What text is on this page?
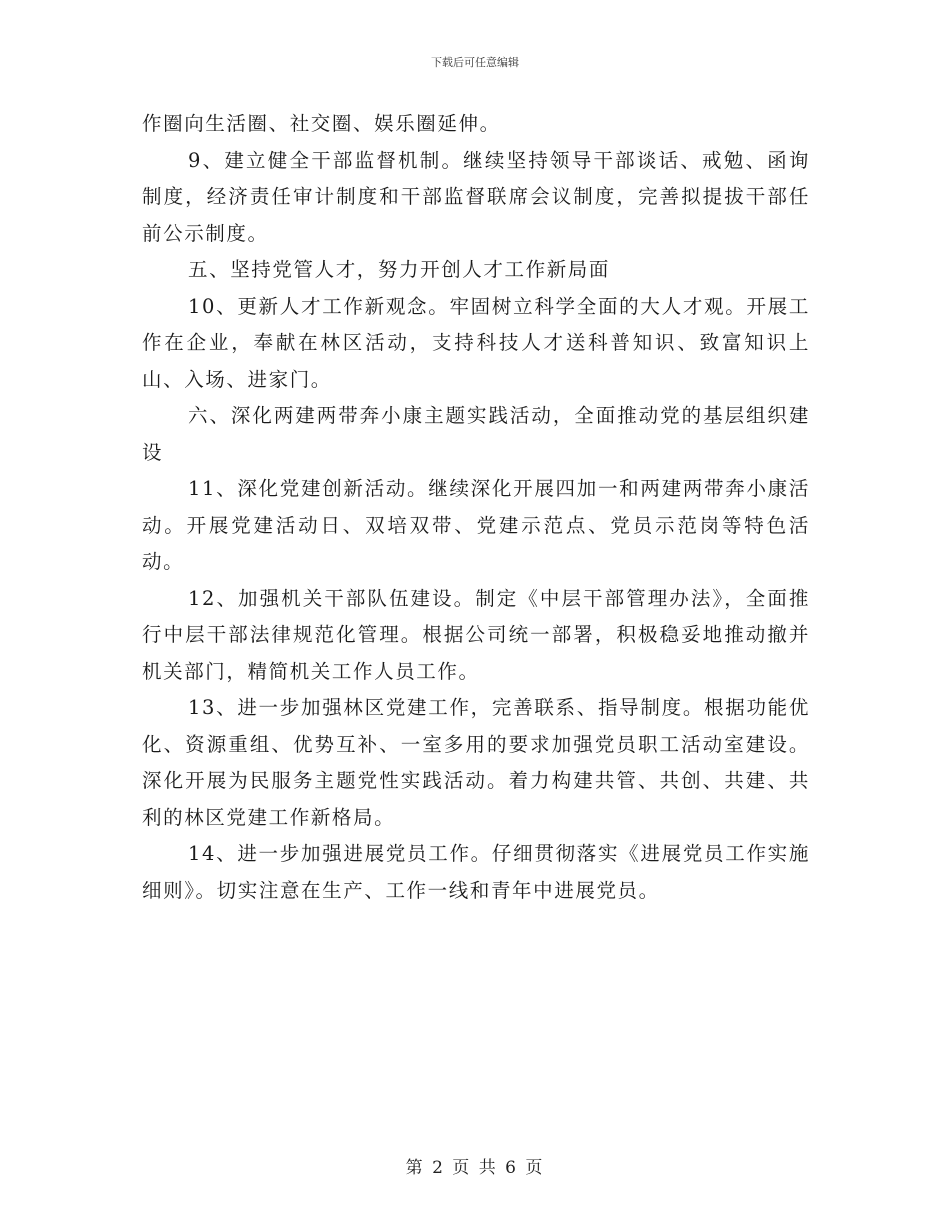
下载后可任意编辑

作圈向生活圈、社交圈、娱乐圈延伸。

9、建立健全干部监督机制。继续坚持领导干部谈话、戒勉、函询制度，经济责任审计制度和干部监督联席会议制度，完善拟提拔干部任前公示制度。

五、坚持党管人才，努力开创人才工作新局面

10、更新人才工作新观念。牢固树立科学全面的大人才观。开展工作在企业，奉献在林区活动，支持科技人才送科普知识、致富知识上山、入场、进家门。

六、深化两建两带奔小康主题实践活动，全面推动党的基层组织建设

11、深化党建创新活动。继续深化开展四加一和两建两带奔小康活动。开展党建活动日、双培双带、党建示范点、党员示范岗等特色活动。

12、加强机关干部队伍建设。制定《中层干部管理办法》，全面推行中层干部法律规范化管理。根据公司统一部署，积极稳妥地推动撤并机关部门，精简机关工作人员工作。

13、进一步加强林区党建工作，完善联系、指导制度。根据功能优化、资源重组、优势互补、一室多用的要求加强党员职工活动室建设。深化开展为民服务主题党性实践活动。着力构建共管、共创、共建、共利的林区党建工作新格局。

14、进一步加强进展党员工作。仔细贯彻落实《进展党员工作实施细则》。切实注意在生产、工作一线和青年中进展党员。

第 2 页 共 6 页
